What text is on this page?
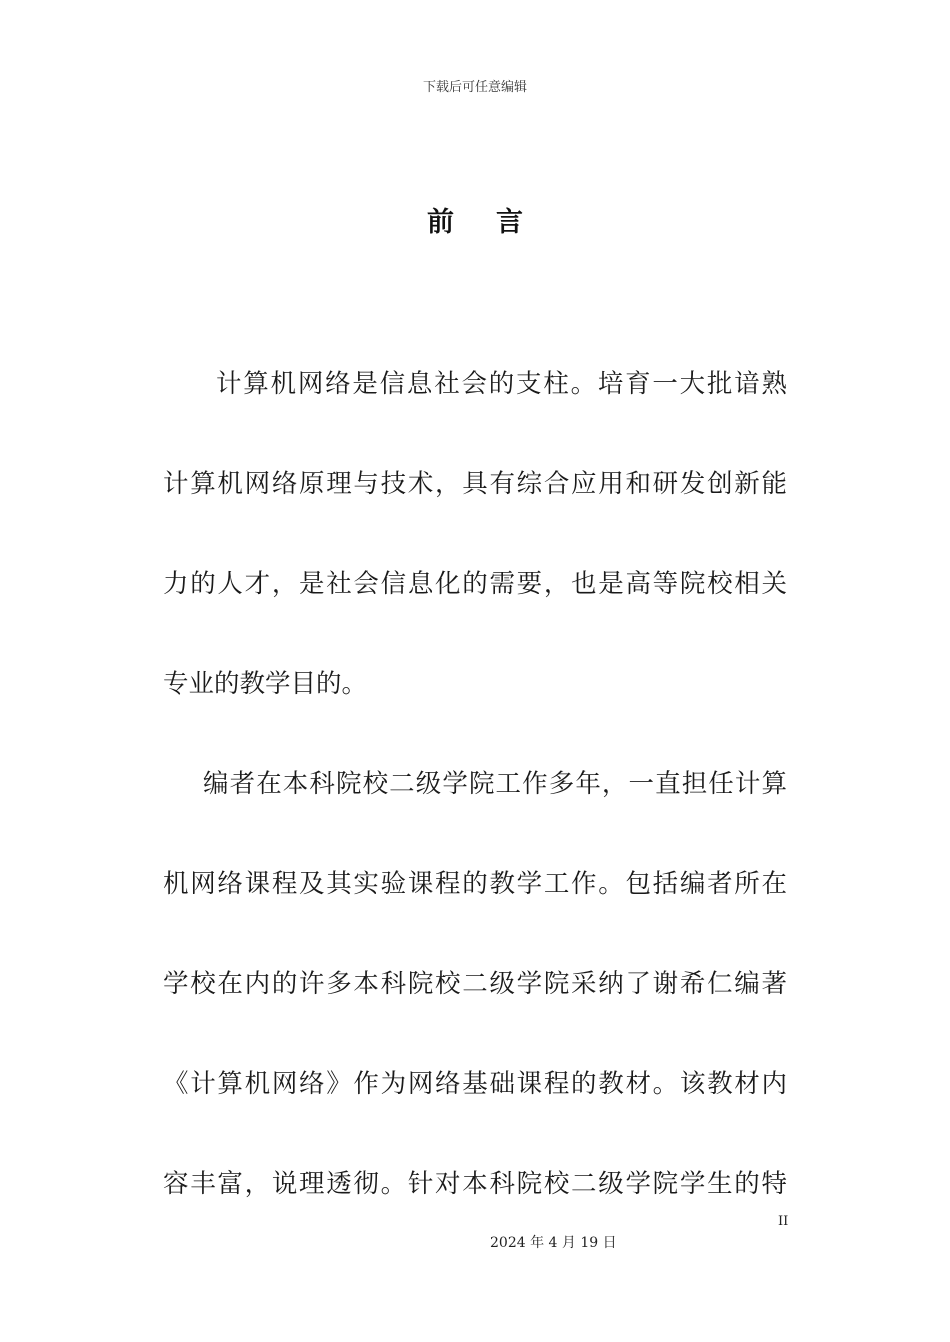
下载后可任意编辑
前 言
计算机网络是信息社会的支柱。培育一大批谙熟
计算机网络原理与技术，具有综合应用和研发创新能
力的人才，是社会信息化的需要，也是高等院校相关
专业的教学目的。
编者在本科院校二级学院工作多年，一直担任计算
机网络课程及其实验课程的教学工作。包括编者所在
学校在内的许多本科院校二级学院采纳了谢希仁编著
《计算机网络》作为网络基础课程的教材。该教材内
容丰富，说理透彻。针对本科院校二级学院学生的特
II
2024 年 4 月 19 日
